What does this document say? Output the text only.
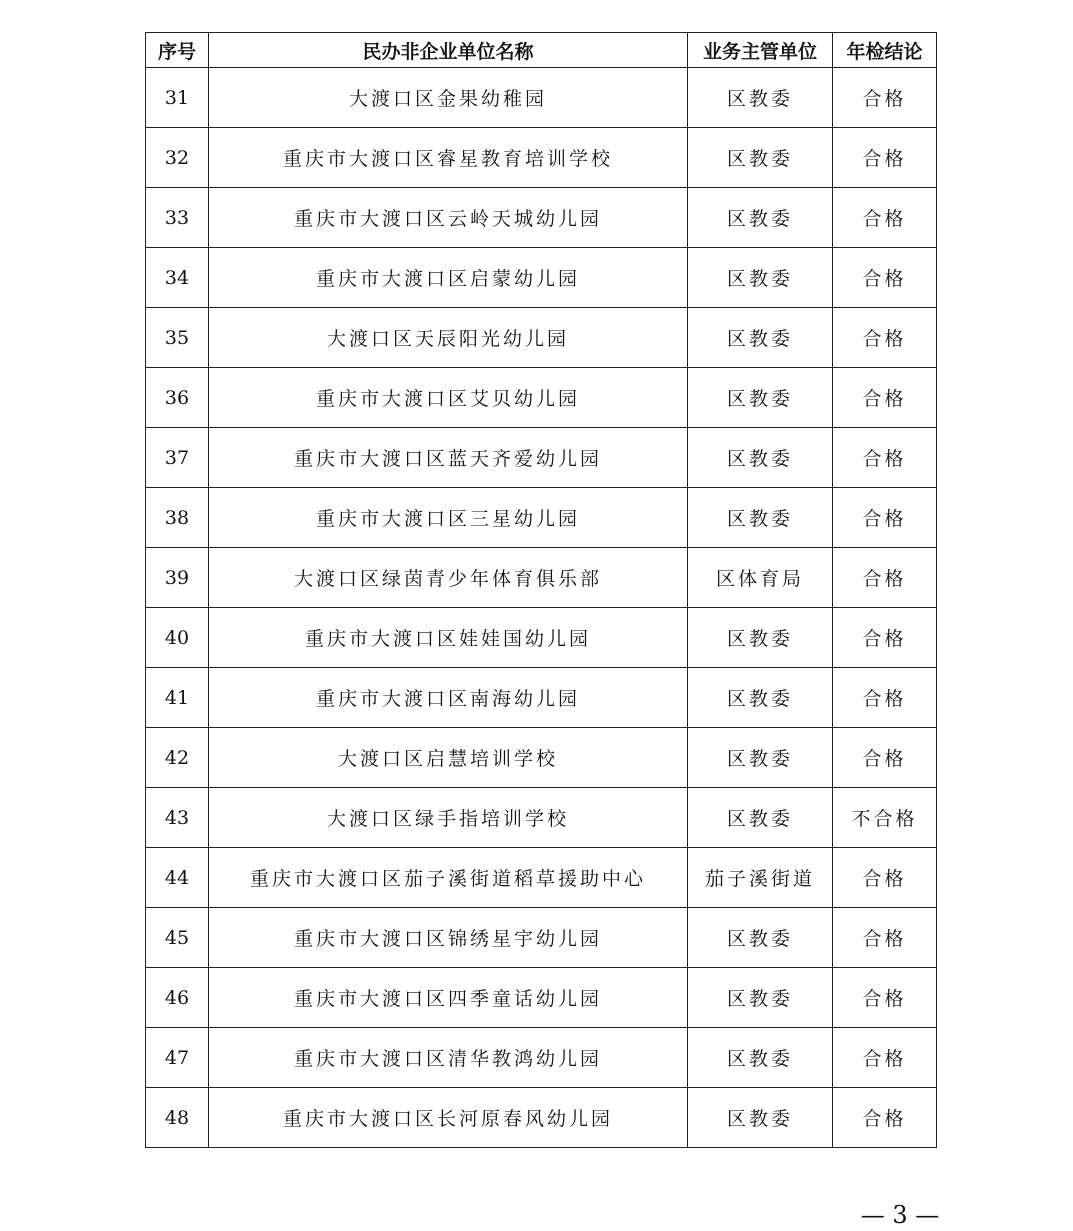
序号	民办非企业单位名称	业务主管单位	年检结论
31	大渡口区金果幼稚园	区教委	合格
32	重庆市大渡口区睿星教育培训学校	区教委	合格
33	重庆市大渡口区云岭天城幼儿园	区教委	合格
34	重庆市大渡口区启蒙幼儿园	区教委	合格
35	大渡口区天辰阳光幼儿园	区教委	合格
36	重庆市大渡口区艾贝幼儿园	区教委	合格
37	重庆市大渡口区蓝天齐爱幼儿园	区教委	合格
38	重庆市大渡口区三星幼儿园	区教委	合格
39	大渡口区绿茵青少年体育俱乐部	区体育局	合格
40	重庆市大渡口区娃娃国幼儿园	区教委	合格
41	重庆市大渡口区南海幼儿园	区教委	合格
42	大渡口区启慧培训学校	区教委	合格
43	大渡口区绿手指培训学校	区教委	不合格
44	重庆市大渡口区茄子溪街道稻草援助中心	茄子溪街道	合格
45	重庆市大渡口区锦绣星宇幼儿园	区教委	合格
46	重庆市大渡口区四季童话幼儿园	区教委	合格
47	重庆市大渡口区清华教鸿幼儿园	区教委	合格
48	重庆市大渡口区长河原春风幼儿园	区教委	合格
— 3 —
